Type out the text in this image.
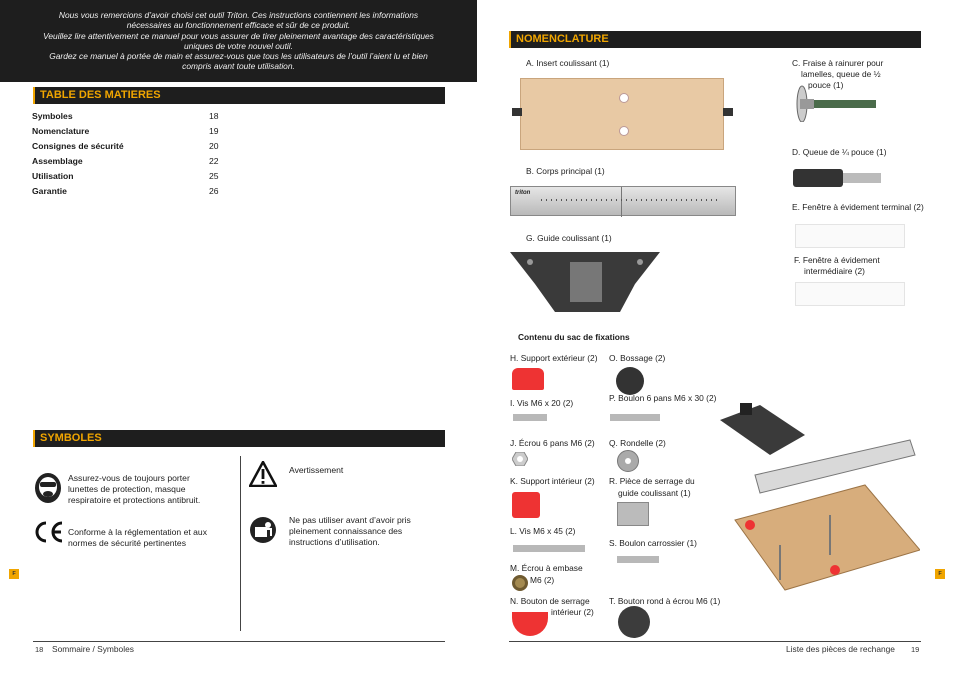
Nous vous remercions d’avoir choisi cet outil Triton. Ces instructions contiennent les informations
nécessaires au fonctionnement efficace et sûr de ce produit.
Veuillez lire attentivement ce manuel pour vous assurer de tirer pleinement avantage des caractéristiques
uniques de votre nouvel outil.
Gardez ce manuel à portée de main et assurez-vous que tous les utilisateurs de l’outil l’aient lu et bien
compris avant toute utilisation.

TABLE DES MATIERES
Symboles	18
Nomenclature	19
Consignes de sécurité	20
Assemblage	22
Utilisation	25
Garantie	26
SYMBOLES
Assurez-vous de toujours porter
lunettes de protection, masque
respiratoire et protections antibruit.
Conforme à la réglementation et aux
normes de sécurité pertinentes
Avertissement
Ne pas utiliser avant d’avoir pris
pleinement connaissance des
instructions d’utilisation.
F
18 Sommaire / Symboles
NOMENCLATURE
A. Insert coulissant (1)
B. Corps principal (1)
triton
G. Guide coulissant (1)
C. Fraise à rainurer pour
lamelles, queue de ½
pouce (1)
D. Queue de ¼ pouce (1)
E. Fenêtre à évidement terminal (2)
F. Fenêtre à évidement
intermédiaire (2)
Contenu du sac de fixations
H. Support extérieur (2)
I. Vis M6 x 20 (2)
J. Écrou 6 pans M6 (2)
K. Support intérieur (2)
L. Vis M6 x 45 (2)
M. Écrou à embase
M6 (2)
N. Bouton de serrage
intérieur (2)
O. Bossage (2)
P. Boulon 6 pans M6 x 30 (2)
Q. Rondelle (2)
R. Pièce de serrage du
guide coulissant (1)
S. Boulon carrossier (1)
T. Bouton rond à écrou M6 (1)
F
Liste des pièces de rechange 19
